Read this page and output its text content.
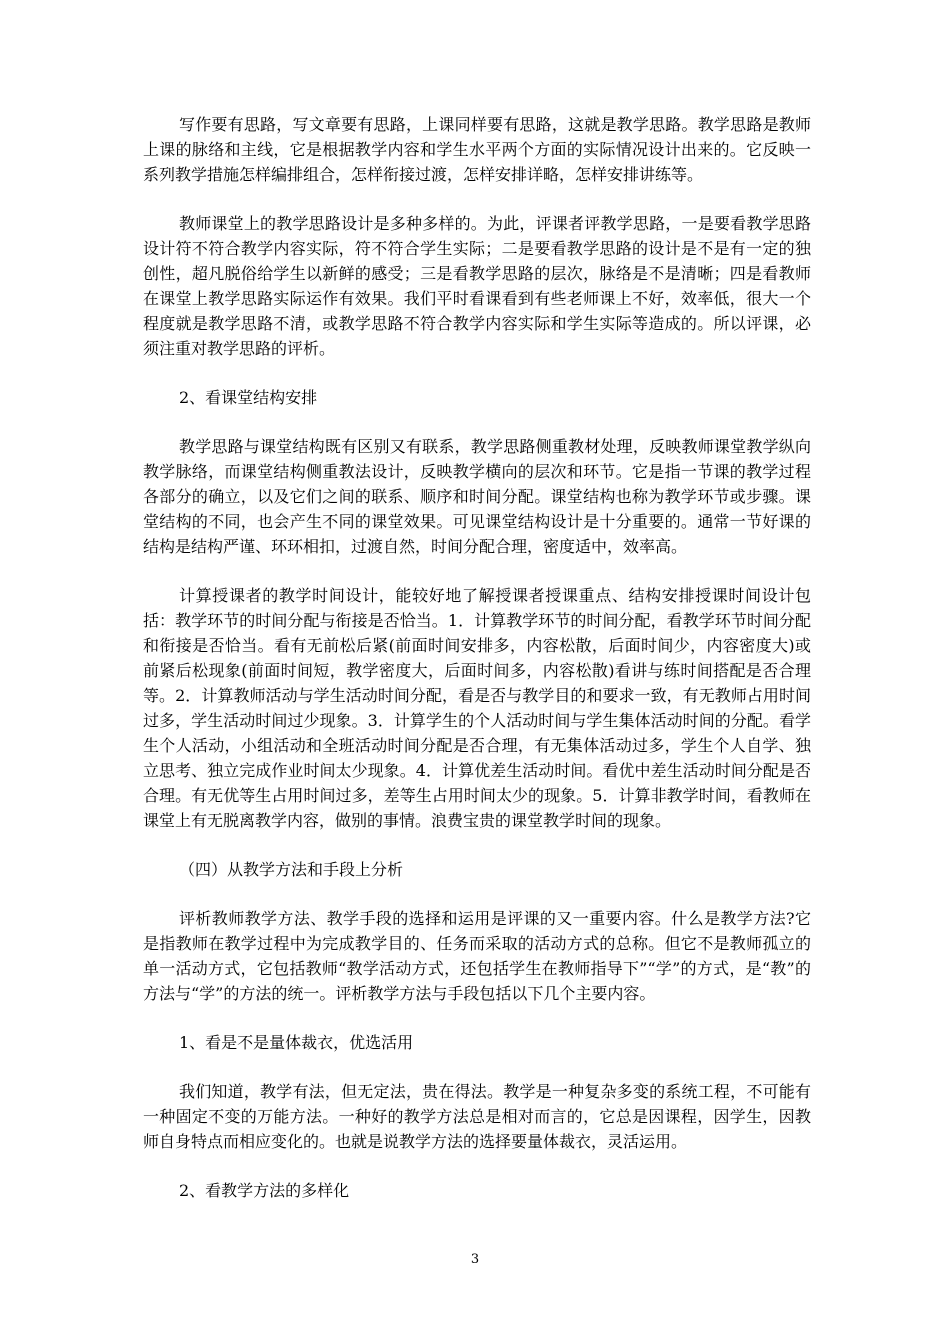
写作要有思路，写文章要有思路，上课同样要有思路，这就是教学思路。教学思路是教师上课的脉络和主线，它是根据教学内容和学生水平两个方面的实际情况设计出来的。它反映一系列教学措施怎样编排组合，怎样衔接过渡，怎样安排详略，怎样安排讲练等。

教师课堂上的教学思路设计是多种多样的。为此，评课者评教学思路，一是要看教学思路设计符不符合教学内容实际，符不符合学生实际；二是要看教学思路的设计是不是有一定的独创性，超凡脱俗给学生以新鲜的感受；三是看教学思路的层次，脉络是不是清晰；四是看教师在课堂上教学思路实际运作有效果。我们平时看课看到有些老师课上不好，效率低，很大一个程度就是教学思路不清，或教学思路不符合教学内容实际和学生实际等造成的。所以评课，必须注重对教学思路的评析。

2、看课堂结构安排

教学思路与课堂结构既有区别又有联系，教学思路侧重教材处理，反映教师课堂教学纵向教学脉络，而课堂结构侧重教法设计，反映教学横向的层次和环节。它是指一节课的教学过程各部分的确立，以及它们之间的联系、顺序和时间分配。课堂结构也称为教学环节或步骤。课堂结构的不同，也会产生不同的课堂效果。可见课堂结构设计是十分重要的。通常一节好课的结构是结构严谨、环环相扣，过渡自然，时间分配合理，密度适中，效率高。

计算授课者的教学时间设计，能较好地了解授课者授课重点、结构安排授课时间设计包括：教学环节的时间分配与衔接是否恰当。1．计算教学环节的时间分配，看教学环节时间分配和衔接是否恰当。看有无前松后紧(前面时间安排多，内容松散，后面时间少，内容密度大)或前紧后松现象(前面时间短，教学密度大，后面时间多，内容松散)看讲与练时间搭配是否合理等。2．计算教师活动与学生活动时间分配，看是否与教学目的和要求一致，有无教师占用时间过多，学生活动时间过少现象。3．计算学生的个人活动时间与学生集体活动时间的分配。看学生个人活动，小组活动和全班活动时间分配是否合理，有无集体活动过多，学生个人自学、独立思考、独立完成作业时间太少现象。4．计算优差生活动时间。看优中差生活动时间分配是否合理。有无优等生占用时间过多，差等生占用时间太少的现象。5．计算非教学时间，看教师在课堂上有无脱离教学内容，做别的事情。浪费宝贵的课堂教学时间的现象。

（四）从教学方法和手段上分析

评析教师教学方法、教学手段的选择和运用是评课的又一重要内容。什么是教学方法?它是指教师在教学过程中为完成教学目的、任务而采取的活动方式的总称。但它不是教师孤立的单一活动方式，它包括教师“教学活动方式，还包括学生在教师指导下”“学”的方式，是“教”的方法与“学”的方法的统一。评析教学方法与手段包括以下几个主要内容。

1、看是不是量体裁衣，优选活用

我们知道，教学有法，但无定法，贵在得法。教学是一种复杂多变的系统工程，不可能有一种固定不变的万能方法。一种好的教学方法总是相对而言的，它总是因课程，因学生，因教师自身特点而相应变化的。也就是说教学方法的选择要量体裁衣，灵活运用。

2、看教学方法的多样化

3
